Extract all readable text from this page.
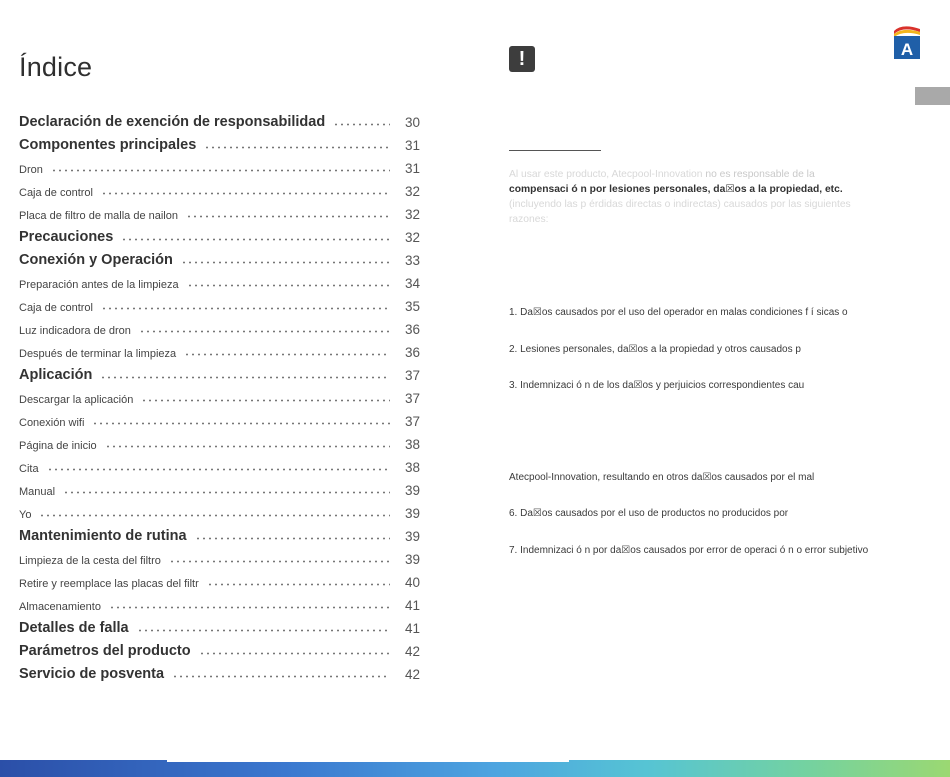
Índice
Declaración de exención de responsabilidad	30
Componentes principales	31
Dron	31
Caja de control	32
Placa de filtro de malla de nailon	32
Precauciones	32
Conexión y Operación	33
Preparación antes de la limpieza	34
Caja de control	35
Luz indicadora de dron	36
Después de terminar la limpieza	36
Aplicación	37
Descargar la aplicación	37
Conexión wifi	37
Página de inicio	38
Cita	38
Manual	39
Yo	39
Mantenimiento de rutina	39
Limpieza de la cesta del filtro	39
Retire y reemplace las placas del filtr	40
Almacenamiento	41
Detalles de falla	41
Parámetros del producto	42
Servicio de posventa	42
!	A

Al usar este producto, Atecpool-Innovation no es responsable de la
compensaci ó n por lesiones personales, da☒os a la propiedad, etc.
(incluyendo las p érdidas directas o indirectas) causados por las siguientes
razones:

1. Da☒os causados por el uso del operador en malas condiciones f í sicas o

2. Lesiones personales, da☒os a la propiedad y otros causados p

3. Indemnizaci ó n de los da☒os y perjuicios correspondientes cau

Atecpool-Innovation, resultando en otros da☒os causados por el mal

6. Da☒os causados por el uso de productos no producidos por

7. Indemnizaci ó n por da☒os causados por error de operaci ó n o error subjetivo
